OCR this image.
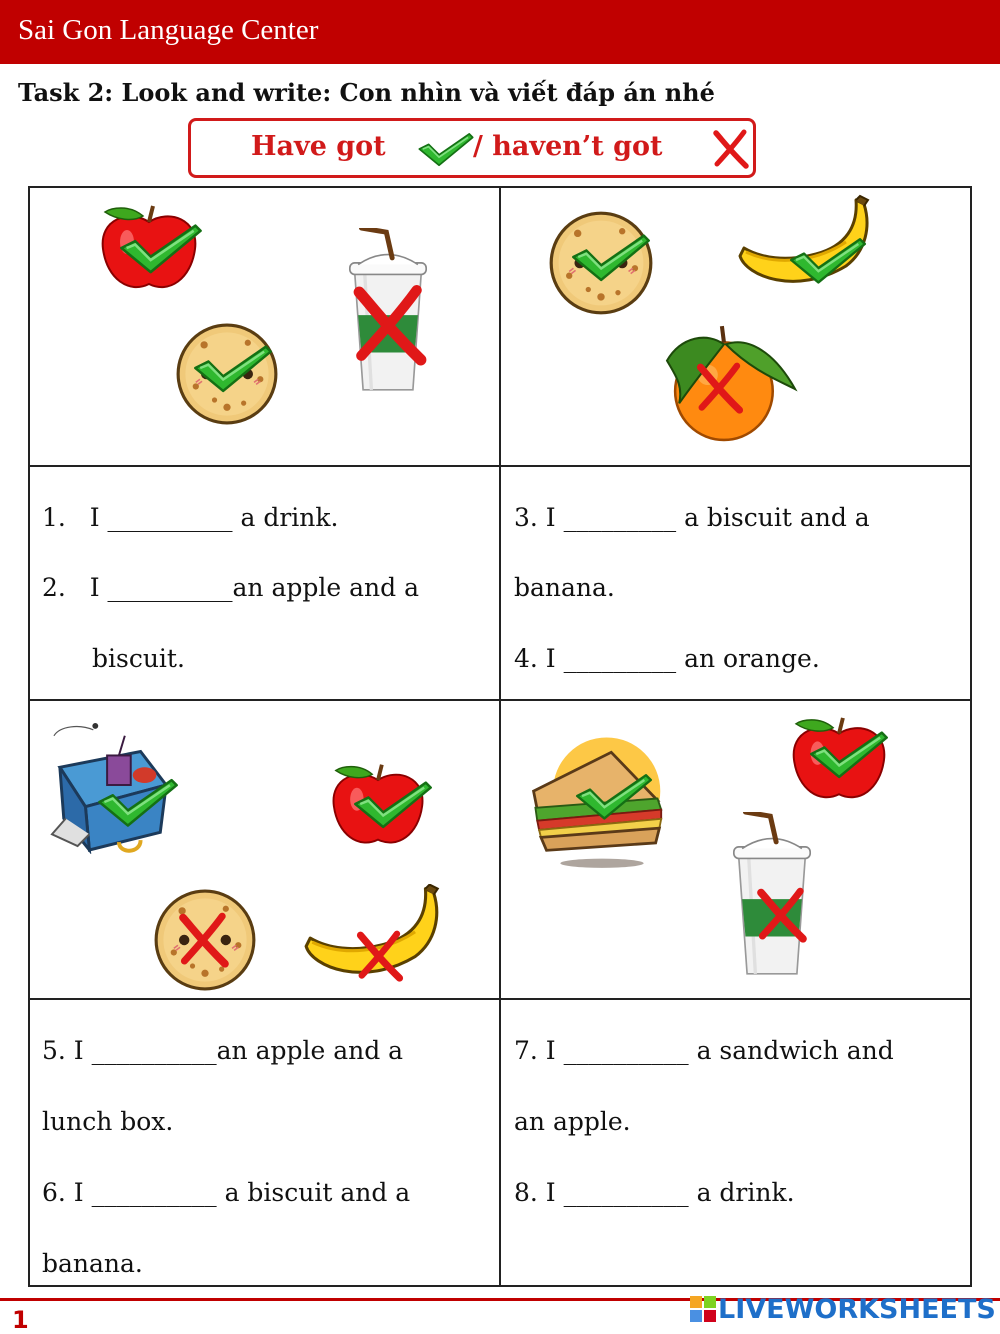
Sai Gon Language Center
Task 2: Look and write: Con nhìn và viết đáp án nhé
Have got	/ haven’t got
1.   I __________ a drink.
2.   I __________an apple and a
biscuit.
3. I _________ a biscuit and a
banana.
4. I _________ an orange.
5. I __________an apple and a
lunch box.
6. I __________ a biscuit and a
banana.
7. I __________ a sandwich and
an apple.
8. I __________ a drink.
1	LIVEWORKSHEETS
